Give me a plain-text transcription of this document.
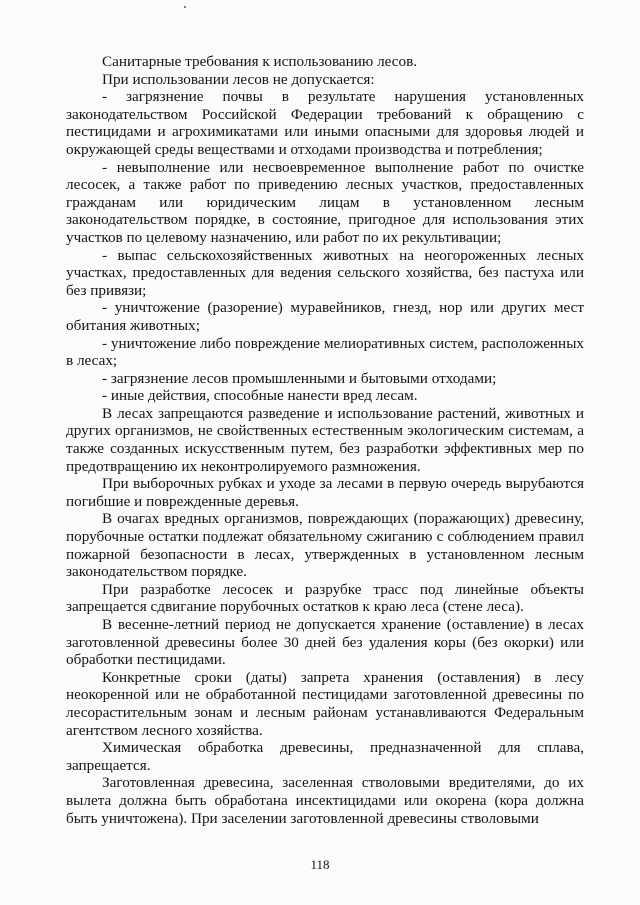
Санитарные требования к использованию лесов.

При использовании лесов не допускается:

- загрязнение почвы в результате нарушения установленных законодательством Российской Федерации требований к обращению с пестицидами и агрохимикатами или иными опасными для здоровья людей и окружающей среды веществами и отходами производства и потребления;

- невыполнение или несвоевременное выполнение работ по очистке лесосек, а также работ по приведению лесных участков, предоставленных гражданам или юридическим лицам в установленном лесным законодательством порядке, в состояние, пригодное для использования этих участков по целевому назначению, или работ по их рекультивации;

- выпас сельскохозяйственных животных на неогороженных лесных участках, предоставленных для ведения сельского хозяйства, без пастуха или без привязи;

- уничтожение (разорение) муравейников, гнезд, нор или других мест обитания животных;

- уничтожение либо повреждение мелиоративных систем, расположенных в лесах;

- загрязнение лесов промышленными и бытовыми отходами;

- иные действия, способные нанести вред лесам.

В лесах запрещаются разведение и использование растений, животных и других организмов, не свойственных естественным экологическим системам, а также созданных искусственным путем, без разработки эффективных мер по предотвращению их неконтролируемого размножения.

При выборочных рубках и уходе за лесами в первую очередь вырубаются погибшие и поврежденные деревья.

В очагах вредных организмов, повреждающих (поражающих) древесину, порубочные остатки подлежат обязательному сжиганию с соблюдением правил пожарной безопасности в лесах, утвержденных в установленном лесным законодательством порядке.

При разработке лесосек и разрубке трасс под линейные объекты запрещается сдвигание порубочных остатков к краю леса (стене леса).

В весенне-летний период не допускается хранение (оставление) в лесах заготовленной древесины более 30 дней без удаления коры (без окорки) или обработки пестицидами.

Конкретные сроки (даты) запрета хранения (оставления) в лесу неокоренной или не обработанной пестицидами заготовленной древесины по лесорастительным зонам и лесным районам устанавливаются Федеральным агентством лесного хозяйства.

Химическая обработка древесины, предназначенной для сплава, запрещается.

Заготовленная древесина, заселенная стволовыми вредителями, до их вылета должна быть обработана инсектицидами или окорена (кора должна быть уничтожена). При заселении заготовленной древесины стволовыми

118
